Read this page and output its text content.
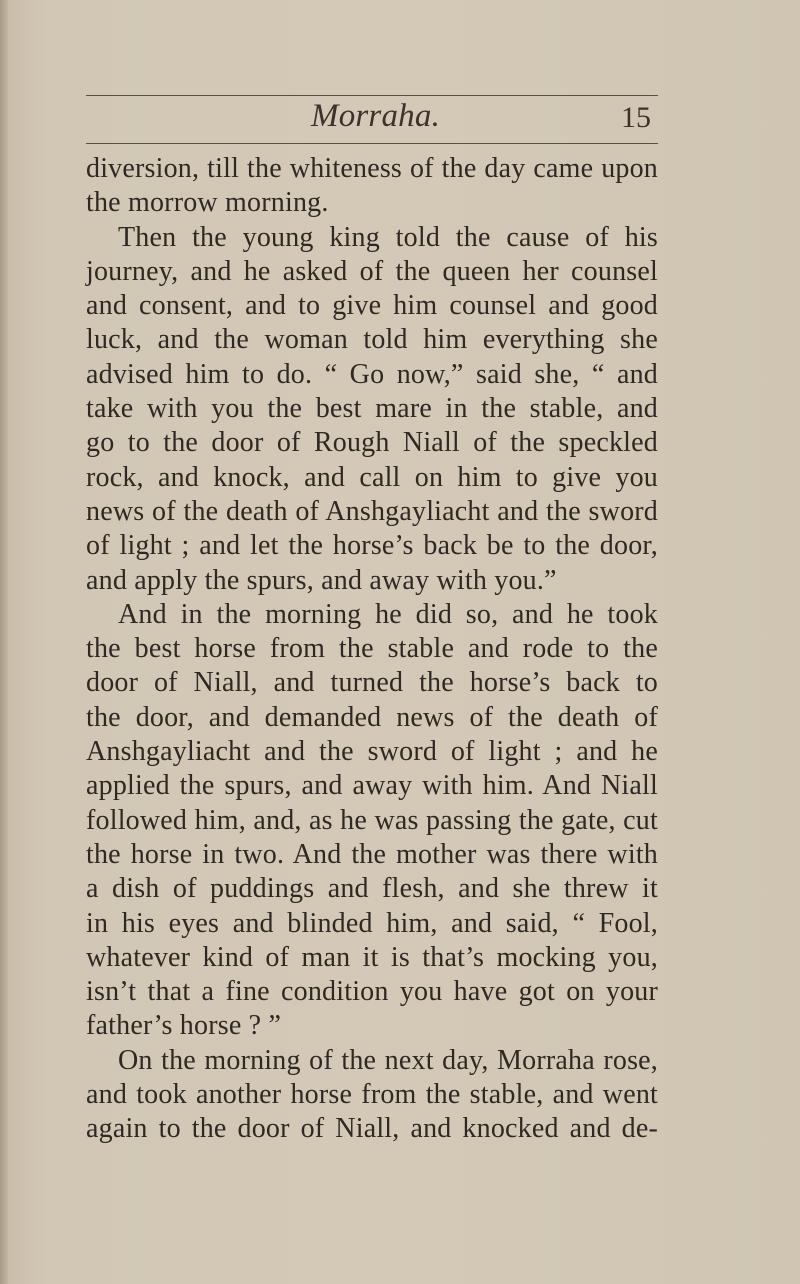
Morraha.	15
diversion, till the whiteness of the day came upon
the morrow morning.
Then the young king told the cause of his
journey, and he asked of the queen her counsel
and consent, and to give him counsel and good
luck, and the woman told him everything she
advised him to do. “ Go now,” said she, “ and
take with you the best mare in the stable, and
go to the door of Rough Niall of the speckled
rock, and knock, and call on him to give you
news of the death of Anshgayliacht and the sword
of light ; and let the horse’s back be to the door,
and apply the spurs, and away with you.”
And in the morning he did so, and he took
the best horse from the stable and rode to the
door of Niall, and turned the horse’s back to
the door, and demanded news of the death of
Anshgayliacht and the sword of light ; and he
applied the spurs, and away with him. And Niall
followed him, and, as he was passing the gate, cut
the horse in two. And the mother was there with
a dish of puddings and flesh, and she threw it
in his eyes and blinded him, and said, “ Fool,
whatever kind of man it is that’s mocking you,
isn’t that a fine condition you have got on your
father’s horse ? ”
On the morning of the next day, Morraha rose,
and took another horse from the stable, and went
again to the door of Niall, and knocked and de-
